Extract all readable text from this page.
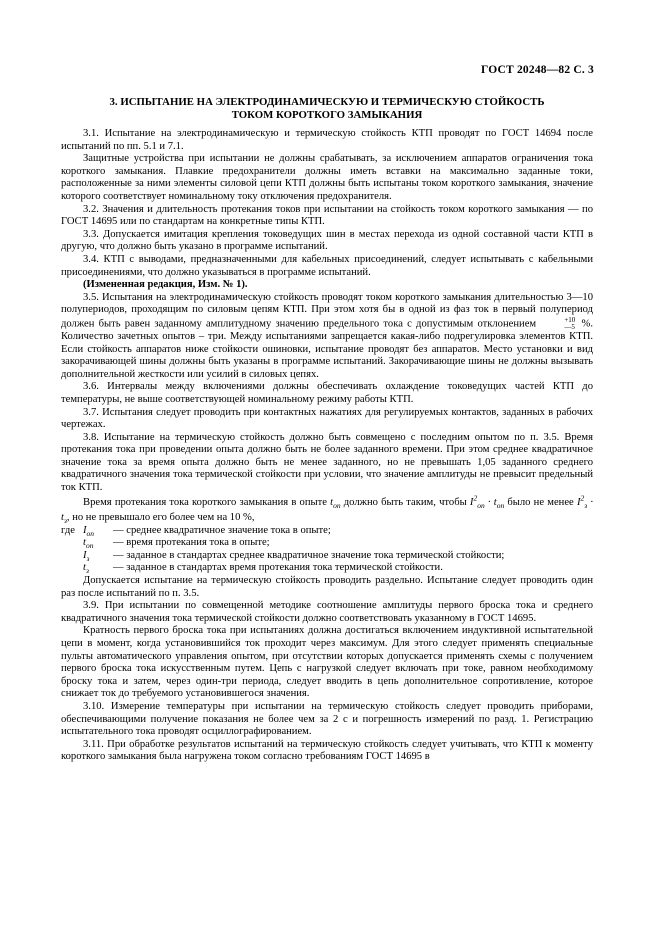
ГОСТ 20248—82 С. 3
3. ИСПЫТАНИЕ НА ЭЛЕКТРОДИНАМИЧЕСКУЮ И ТЕРМИЧЕСКУЮ СТОЙКОСТЬ
ТОКОМ КОРОТКОГО ЗАМЫКАНИЯ

3.1. Испытание на электродинамическую и термическую стойкость КТП проводят по ГОСТ 14694 после испытаний по пп. 5.1 и 7.1.

Защитные устройства при испытании не должны срабатывать, за исключением аппаратов ограничения тока короткого замыкания. Плавкие предохранители должны иметь вставки на максимально заданные токи, расположенные за ними элементы силовой цепи КТП должны быть испытаны током короткого замыкания, значение которого соответствует номинальному току отключения предохранителя.

3.2. Значения и длительность протекания токов при испытании на стойкость током короткого замыкания — по ГОСТ 14695 или по стандартам на конкретные типы КТП.

3.3. Допускается имитация крепления токоведущих шин в местах перехода из одной составной части КТП в другую, что должно быть указано в программе испытаний.

3.4. КТП с выводами, предназначенными для кабельных присоединений, следует испытывать с кабельными присоединениями, что должно указываться в программе испытаний.

(Измененная редакция, Изм. № 1).

3.5. Испытания на электродинамическую стойкость проводят током короткого замыкания длительностью 3—10 полупериодов, проходящим по силовым цепям КТП. При этом хотя бы в одной из фаз ток в первый полупериод должен быть равен заданному амплитудному значению предельного тока с допустимым отклонением	+10
—5 %. Количество зачетных опытов – три. Между испытаниями запрещается какая-либо подрегулировка элементов КТП. Если стойкость аппаратов ниже стойкости ошиновки, испытание проводят без аппаратов. Место установки и вид закорачивающей шины должны быть указаны в программе испытаний. Закорачивающие шины не должны вызывать дополнительной жесткости или усилий в силовых цепях.

3.6. Интервалы между включениями должны обеспечивать охлаждение токоведущих частей КТП до температуры, не выше соответствующей номинальному режиму работы КТП.

3.7. Испытания следует проводить при контактных нажатиях для регулируемых контактов, заданных в рабочих чертежах.

3.8. Испытание на термическую стойкость должно быть совмещено с последним опытом по п. 3.5. Время протекания тока при проведении опыта должно быть не более заданного времени. При этом среднее квадратичное значение тока за время опыта должно быть не менее заданного, но не превышать 1,05 заданного среднего квадратичного значения тока термической стойкости при условии, что значение амплитуды не превысит предельный ток КТП.

Время протекания тока короткого замыкания в опыте $t_{оп}$ должно быть таким, чтобы $I^2_{оп} \cdot t_{оп}$ было не менее $I^2_з \cdot t_з$, но не превышало его более чем на 10 %,

где $I_{оп}$	— среднее квадратичное значение тока в опыте;
$t_{оп}$	— время протекания тока в опыте;
$I_з$	— заданное в стандартах среднее квадратичное значение тока термической стойкости;
$t_з$	— заданное в стандартах время протекания тока термической стойкости.

Допускается испытание на термическую стойкость проводить раздельно. Испытание следует проводить один раз после испытаний по п. 3.5.

3.9. При испытании по совмещенной методике соотношение амплитуды первого броска тока и среднего квадратичного значения тока термической стойкости должно соответствовать указанному в ГОСТ 14695.

Кратность первого броска тока при испытаниях должна достигаться включением индуктивной испытательной цепи в момент, когда установившийся ток проходит через максимум. Для этого следует применять специальные пульты автоматического управления опытом, при отсутствии которых допускается применять схемы с получением первого броска тока искусственным путем. Цепь с нагрузкой следует включать при токе, равном необходимому броску тока и затем, через один-три периода, следует вводить в цепь дополнительное сопротивление, которое снижает ток до требуемого установившегося значения.

3.10. Измерение температуры при испытании на термическую стойкость следует проводить приборами, обеспечивающими получение показания не более чем за 2 с и погрешность измерений по разд. 1. Регистрацию испытательного тока проводят осциллографированием.

3.11. При обработке результатов испытаний на термическую стойкость следует учитывать, что КТП к моменту короткого замыкания была нагружена током согласно требованиям ГОСТ 14695 в
